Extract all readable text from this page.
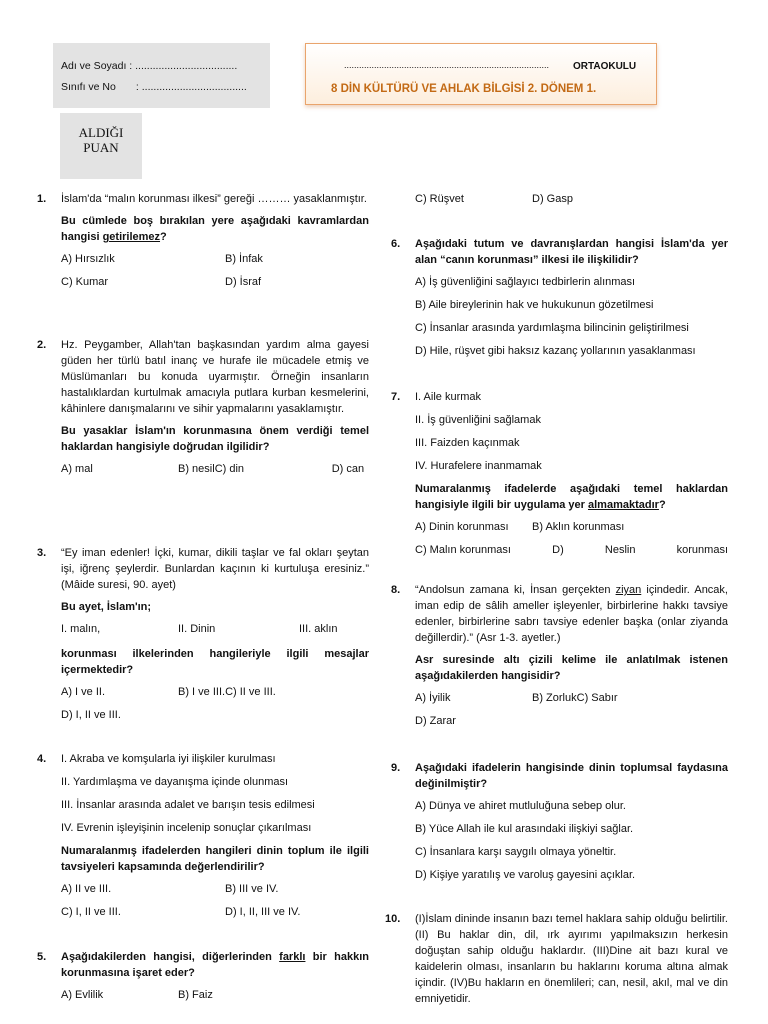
Adı ve Soyadı : ...................................
Sınıfı ve No : ....................................
.................................................................................. ORTAOKULU
8 DİN KÜLTÜRÜ VE AHLAK BİLGİSİ 2. DÖNEM 1.
ALDIĞI
PUAN
1. İslam'da “malın korunması ilkesi” gereği ……… yasaklanmıştır.

Bu cümlede boş bırakılan yere aşağıdaki kavramlardan hangisi getirilemez?

A) Hırsızlık	B) İnfak
C) Kumar	D) İsraf
2. Hz. Peygamber, Allah'tan başkasından yardım alma gayesi güden her türlü batıl inanç ve hurafe ile mücadele etmiş ve Müslümanları bu konuda uyarmıştır. Örneğin insanların hastalıklardan kurtulmak amacıyla putlara kurban kesmelerini, kâhinlere danışmalarını ve sihir yapmalarını yasaklamıştır.

Bu yasaklar İslam'ın korunmasına önem verdiği temel haklardan hangisiyle doğrudan ilgilidir?

A) mal	B) nesil C) din	D) can
3. “Ey iman edenler! İçki, kumar, dikili taşlar ve fal okları şeytan işi, iğrenç şeylerdir. Bunlardan kaçının ki kurtuluşa eresiniz.” (Mâide suresi, 90. ayet)

Bu ayet, İslam'ın;

I. malın,	II. Dinin	III. aklın

korunması ilkelerinden hangileriyle ilgili mesajlar içermektedir?

A) I ve II.	B) I ve III. C) II ve III.
D) I, II ve III.
4. I. Akraba ve komşularla iyi ilişkiler kurulması
II. Yardımlaşma ve dayanışma içinde olunması
III. İnsanlar arasında adalet ve barışın tesis edilmesi
IV. Evrenin işleyişinin incelenip sonuçlar çıkarılması

Numaralanmış ifadelerden hangileri dinin toplum ile ilgili tavsiyeleri kapsamında değerlendirilir?

A) II ve III.	B) III ve IV.
C) I, II ve III.	D) I, II, III ve IV.
5. Aşağıdakilerden hangisi, diğerlerinden farklı bir hakkın korunmasına işaret eder?

A) Evlilik	B) Faiz
C) Rüşvet	D) Gasp
6. Aşağıdaki tutum ve davranışlardan hangisi İslam'da yer alan “canın korunması” ilkesi ile ilişkilidir?

A) İş güvenliğini sağlayıcı tedbirlerin alınması
B) Aile bireylerinin hak ve hukukunun gözetilmesi
C) İnsanlar arasında yardımlaşma bilincinin geliştirilmesi
D) Hile, rüşvet gibi haksız kazanç yollarının yasaklanması
7. I. Aile kurmak
II. İş güvenliğini sağlamak
III. Faizden kaçınmak
IV. Hurafelere inanmamak

Numaralanmış ifadelerde aşağıdaki temel haklardan hangisiyle ilgili bir uygulama yer almamaktadır?

A) Dinin korunması	B) Aklın korunması
C) Malın korunması	D)	Neslin	korunması
8. “Andolsun zamana ki, İnsan gerçekten ziyan içindedir. Ancak, iman edip de sâlih ameller işleyenler, birbirlerine hakkı tavsiye edenler, birbirlerine sabrı tavsiye edenler başka (onlar ziyanda değillerdir).” (Asr 1-3. ayetler.)

Asr suresinde altı çizili kelime ile anlatılmak istenen aşağıdakilerden hangisidir?

A) İyilik	B) Zorluk C) Sabır
D) Zarar
9. Aşağıdaki ifadelerin hangisinde dinin toplumsal faydasına değinilmiştir?

A) Dünya ve ahiret mutluluğuna sebep olur.
B) Yüce Allah ile kul arasındaki ilişkiyi sağlar.
C) İnsanlara karşı saygılı olmaya yöneltir.
D) Kişiye yaratılış ve varoluş gayesini açıklar.
10. (I)İslam dininde insanın bazı temel haklara sahip olduğu belirtilir. (II) Bu haklar din, dil, ırk ayırımı yapılmaksızın herkesin doğuştan sahip olduğu haklardır. (III)Dine ait bazı kural ve kaidelerin olması, insanların bu haklarını koruma altına almak içindir. (IV)Bu hakların en önemlileri; can, nesil, akıl, mal ve din emniyetidir.
